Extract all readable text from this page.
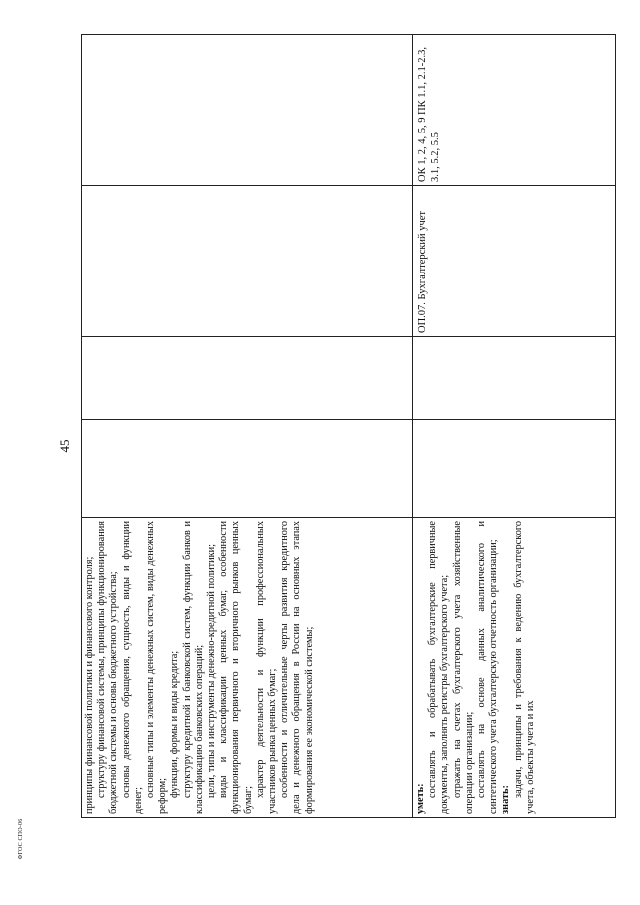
45
принципы финансовой политики и финансового контроля; структуру финансовой системы, принципы функционирования бюджетной системы и основы бюджетного устройства; основы денежного обращения, сущность, виды и функции денег;
основные типы и элементы денежных систем, виды денежных реформ; функции, формы и виды кредита; структуру кредитной и банковской систем, функции банков и классификацию банковских операций; цели, типы и инструменты денежно-кредитной политики; виды и классификации ценных бумаг, особенности функционирования первичного и вторичного рынков ценных бумаг;
характер деятельности и функции профессиональных участников рынка ценных бумаг; особенности и отличительные черты развития кредитного дела и денежного обращения в России на основных этапах формирования ее экономической системы;	уметь:
составлять и обрабатывать бухгалтерские первичные документы, заполнять регистры бухгалтерского учета; отражать на счетах бухгалтерского учета хозяйственные операции организации; составлять на основе данных аналитического и синтетического учета бухгалтерскую отчетность организации; знать:
задачи, принципы и требования к ведению бухгалтерского учета, объекты учета и их
ОП.07. Бухгалтерский учет
ОК 1, 2, 4, 5, 9 ПК 1.1, 2.1-2.3, 3.1, 5.2, 5.5
ФГОС СПО-06
